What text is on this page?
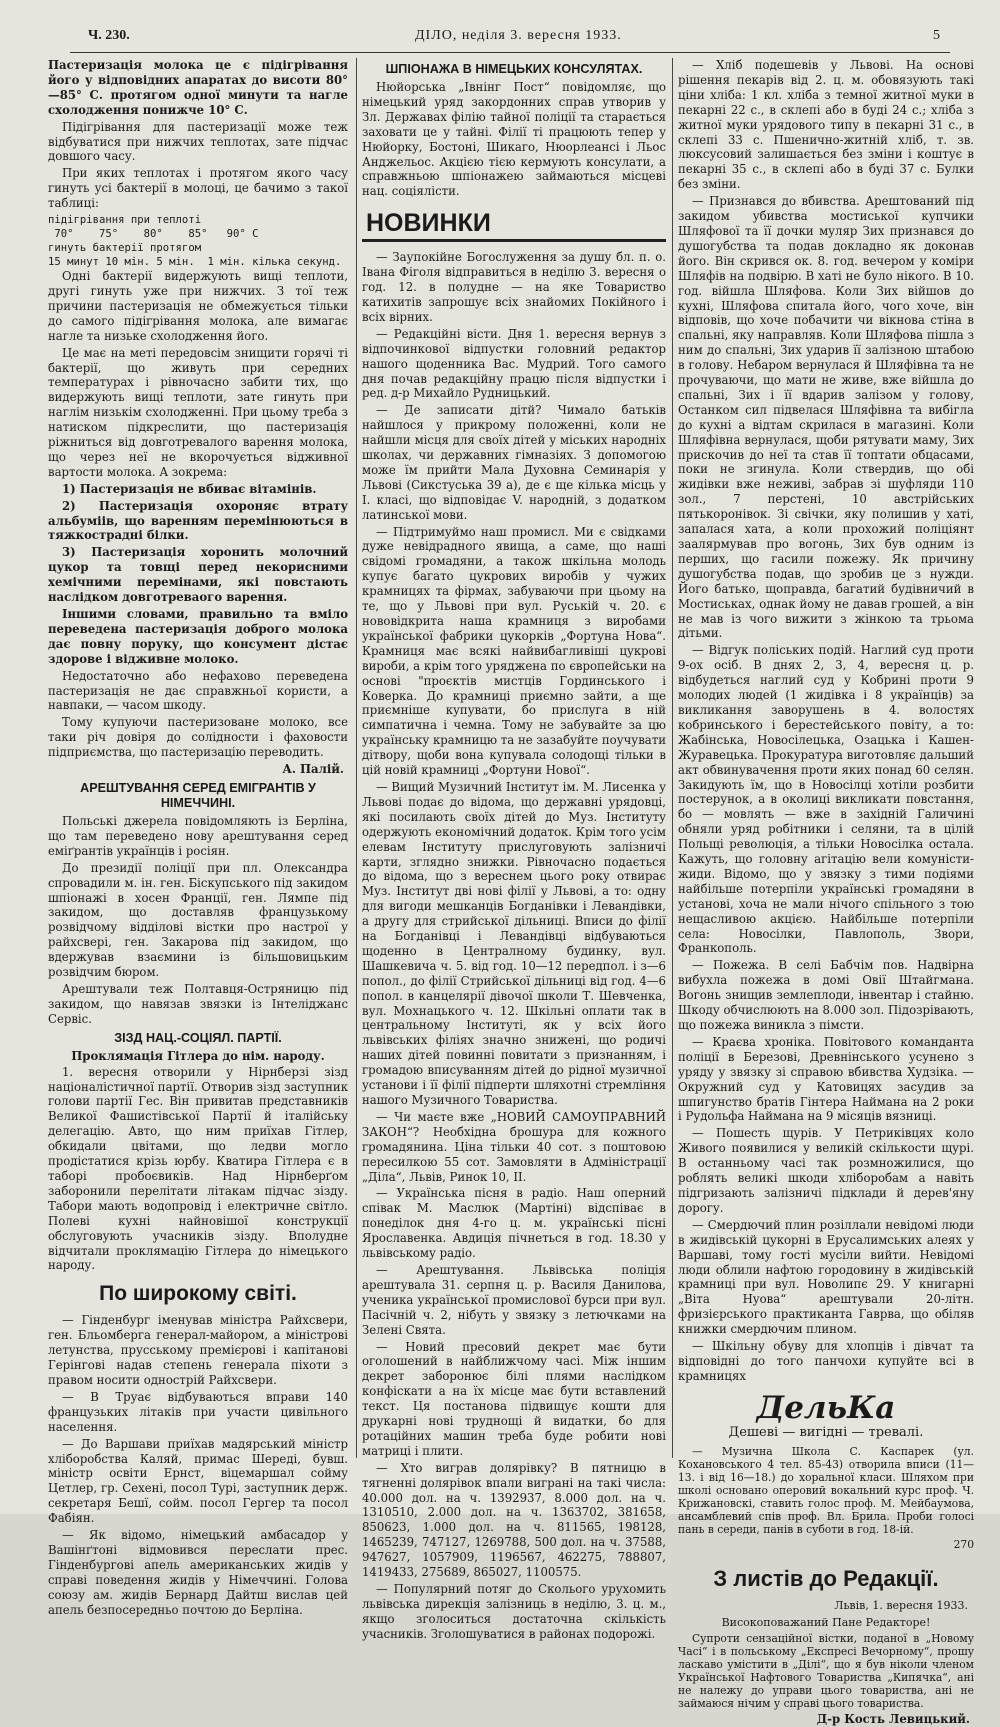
Ч. 230.	ДІЛО, неділя 3. вересня 1933.	5

Пастеризація молока це є підігрівання його у відповідних апаратах до висоти 80°—85° С. протягом одної минути та нагле схолодження понижче 10° С.

Підігрівання для пастеризації може теж відбуватися при нижчих теплотах, зате підчас довшого часу.

При яких теплотах і протягом якого часу гинуть усі бактерії в молоці, це бачимо з такої таблиці:

підігрівання при теплоті
70°    75°    80°    85°   90° С
гинуть бактерії протягом
15 минут 10 мін. 5 мін.  1 мін. кілька секунд.

Одні бактерії видержують вищі теплоти, другі гинуть уже при нижчих. З тої теж причини пастеризація не обмежується тільки до самого підігрівання молока, але вимагає нагле та низьке схолодження його.

Це має на меті передовсім знищити горячі ті бактерії, що живуть при середних температурах і рівночасно забити тих, що видержують вищі теплоти, зате гинуть при наглім низькім схолодженні. При цьому треба з натиском підкреслити, що пастеризація ріжниться від довготревалого варення молока, що через неї не вкорочується відживної вартости молока. А зокрема:

1) Пастеризація не вбиває вітамінів.

2) Пастеризація охороняє втрату альбуміів, що варенням перемінюються в тяжкострадні білки.

3) Пастеризація хоронить молочний цукор та товщі перед некорисними хемічними перемінами, які повстають наслідком довготреваого варення.

Іншими словами, правильно та вміло переведена пастеризація доброго молока дає повну поруку, що консумент дістає здорове і відживне молоко.

Недостаточно або нефахово переведена пастеризація не дає справжньої користи, а навпаки, — часом шкоду.

Тому купуючи пастеризоване молоко, все таки річ довіря до солідности і фаховости підприємства, що пастеризацію переводить.

А. Палій.
АРЕШТУВАННЯ СЕРЕД ЕМІГРАНТІВ У НІМЕЧЧИНІ.

Польські джерела повідомляють із Берліна, що там переведено нову арештування серед еміґрантів українців і росіян.

До президії поліції при пл. Олександра спровадили м. ін. ген. Біскупського під закидом шпіонажі в хосен Франції, ген. Лямпе під закидом, що доставляв французькому розвідчому відділові вістки про настрої у райхсвері, ген. Закарова під закидом, що вдержував взаємини із більшовицьким розвідчим бюром.

Арештували теж Полтавця-Остряницю під закидом, що навязав звязки із Інтеліджанс Сервіс.

ЗІЗД НАЦ.-СОЦІЯЛ. ПАРТІЇ.
Проклямація Гітлера до нім. народу.

1. вересня отворили у Нірнберзі зізд націоналістичної партії. Отворив зізд заступник голови партії Гес. Він привитав представників Великої Фашистівської Партії й італійську делегацію. Авто, що ним приїхав Гітлер, обкидали цвітами, що ледви могло продістатися крізь юрбу. Кватира Гітлера є в таборі пробоєвиків. Над Нірнберґом заборонили перелітати літакам підчас зізду. Табори мають водопровід і електричне світло. Полеві кухні найновішої конструкції обслуговують учасників зізду. Вполудне відчитали проклямацію Гітлера до німецького народу.

По широкому світі.

— Гінденбург іменував міністра Райхсвери, ген. Бльомберга генерал-майором, а міністрові летунства, прусському премієрові і капітанові Герінгові надав степень генерала піхоти з правом носити однострій Райхсвери.

— В Труає відбуваються вправи 140 французьких літаків при участи цивільного населення.

— До Варшави приїхав мадярський міністр хліборобства Каляй, примас Шереді, бувш. міністр освіти Ернст, віцемаршал сойму Цетлер, гр. Сехені, посол Турі, заступник держ. секретаря Бешї, сойм. посол Гергер та посол Фабіян.

— Як відомо, німецький амбасадор у Вашінґтоні відмовився переслати прес. Гінденбургові апель американських жидів у справі поведення жидів у Німеччині. Голова союзу ам. жидів Бернард Дайтш вислав цей апель безпосередньо почтою до Берліна.

ШПІОНАЖА В НІМЕЦЬКИХ КОНСУЛЯТАХ.

Нюйорська „Івнінг Пост“ повідомляє, що німецький уряд закордонних справ утворив у Зл. Державах філію тайної поліції та старається заховати це у тайні. Філії ті працюють тепер у Нюйорку, Бостоні, Шикаго, Нюорлеансі і Льос Анджельос. Акцією тією кермують консулати, а справжньою шпіонажею займаються місцеві нац. соціялісти.

НОВИНКИ

— Заупокійне Богослуження за душу бл. п. о. Івана Фіголя відправиться в неділю 3. вересня о год. 12. в полудне — на яке Товариство катихитів запрошує всіх знайомих Покійного і всіх вірних.

— Редакційні вісти. Дня 1. вересня вернув з відпочинкової відпустки головний редактор нашого щоденника Вас. Мудрий. Того самого дня почав редакційну працю після відпустки і ред. д-р Михайло Рудницький.

— Де записати дітй? Чимало батьків найшлося у прикрому положенні, коли не найшли місця для своїх дітей у міських народніх школах, чи державних гімназіях. З допомогою може їм прийти Мала Духовна Семинарія у Львові (Сикстуська 39 а), де є ще кілька місць у І. класі, що відповідає V. народній, з додатком латинської мови.

— Підтримуймо наш промисл. Ми є свідками дуже невідрадного явища, а саме, що наші свідомі громадяни, а також шкільна молодь купує багато цукрових виробів у чужих крамницях та фірмах, забуваючи при цьому на те, що у Львові при вул. Руській ч. 20. є нововідкрита наша крамниця з виробами української фабрики цукорків „Фортуна Нова“. Крамниця має всякі найвибагливіші цукрові вироби, а крім того уряджена по європейськи на основі "проєктів мистців Гординського і Коверка. До крамниці приємно зайти, а ще приємніше купувати, бо прислуга в ній симпатична і чемна. Тому не забувайте за цю українську крамницю та не зазабуйте поучувати дітвору, щоби вона купувала солодощі тільки в цій новій крамниці „Фортуни Нової“.

— Вищий Музичний Інститут ім. М. Лисенка у Львові подає до відома, що державні урядовці, які посилають своїх дітей до Муз. Інституту одержують економічний додаток. Крім того усім елевам Інституту прислуговують залізничі карти, зглядно знижки. Рівночасно подається до відома, що з вереснем цього року отвирає Муз. Інститут дві нові філії у Львові, а то: одну для вигоди мешканців Богданівки і Левандівки, а другу для стрийської дільниці. Вписи до філії на Богданівці і Левандівці відбуваються щоденно в Централному будинку, вул. Шашкевича ч. 5. від год. 10—12 передпол. і з—6 попол., до філії Стрийської дільниці від год. 4—6 попол. в канцелярії дівочої школи Т. Шевченка, вул. Мохнацького ч. 12. Шкільні оплати так в центральному Інституті, як у всіх його львівських філіях значно знижені, що родичі наших дітей повинні повитати з признанням, і громадою вписуванням дітей до рідної музичної установи і її філії підперти шляхотні стремління нашого Музичного Товариства.

— Чи маєте вже „НОВИЙ САМОУПРАВНИЙ ЗАКОН“? Необхідна брошура для кожного громадянина. Ціна тільки 40 сот. з поштовою пересилкою 55 сот. Замовляти в Адміністрації „Діла“, Львів, Ринок 10, ІІ.

— Українська пісня в радіо. Наш оперний співак М. Маслюк (Мартіні) відспіває в понеділок дня 4-го ц. м. українські пісні Ярославенка. Авдиція пічнеться в год. 18.30 у львівському радіо.

— Арештування. Львівська поліція арештувала 31. серпня ц. р. Василя Данилова, ученика української промислової бурси при вул. Пасічній ч. 2, нібуть у звязку з летючками на Зелені Свята.

— Новий пресовий декрет має бути оголошений в найближчому часі. Між іншим декрет заборонює білі плями наслідком конфіскати а на їх місце має бути вставлений текст. Ця постанова підвищує кошти для друкарні нові труднощі й видатки, бо для ротаційних машин треба буде робити нові матриці і плити.

— Хто виграв долярівку? В пятницю в тягненні долярівок впали виграні на такі числа: 40.000 дол. на ч. 1392937, 8.000 дол. на ч. 1310510, 2.000 дол. на ч. 1363702, 381658, 850623, 1.000 дол. на ч. 811565, 198128, 1465239, 747127, 1269788, 500 дол. на ч. 37588, 947627, 1057909, 1196567, 462275, 788807, 1419433, 275689, 865027, 1100575.

— Популярний потяг до Сколього урухомить львівська дирекція залізниць в неділю, 3. ц. м., якщо зголоситься достаточна скількість учасників. Зголошуватися в районах подорожі.

— Хліб подешевів у Львові. На основі рішення пекарів від 2. ц. м. обовязують такі ціни хліба: 1 кл. хліба з темної житної муки в пекарні 22 с., в склепі або в буді 24 с.; хліба з житної муки урядового типу в пекарні 31 с., в склепі 33 с. Пшенично-житній хліб, т. зв. люксусовий залишається без зміни і коштує в пекарні 35 с., в склепі або в буді 37 с. Булки без зміни.

— Признався до вбивства. Арештований під закидом убивства мостиської купчики Шляфової та її дочки муляр Зих признався до душогубства та подав докладно як доконав його. Він скрився ок. 8. год. вечером у коміри Шляфів на подвірю. В хаті не було нікого. В 10. год. війшла Шляфова. Коли Зих війшов до кухні, Шляфова спитала його, чого хоче, він відповів, що хоче побачити чи вікнова стіна в спальні, яку направляв. Коли Шляфова пішла з ним до спальні, Зих ударив її залізною штабою в голову. Небаром вернулася й Шляфівна та не прочуваючи, що мати не живе, вже війшла до спальні, Зих і її вдарив залізом у голову, Останком сил підвелася Шляфівна та вибігла до кухні а відтам скрилася в магазині. Коли Шляфівна вернулася, щоби рятувати маму, Зих прискочив до неї та став її топтати обцасами, поки не згинула. Коли ствердив, що обі жидівки вже неживі, забрав зі шуфляди 110 зол., 7 перстені, 10 австрійських пятькоронівок. Зі свічки, яку полишив у хаті, запалася хата, а коли прохожий поліціянт заалярмував про вогонь, Зих був одним із перших, що гасили пожежу. Як причину душогубства подав, що зробив це з нужди. Його батько, щоправда, багатий будівничий в Мостиськах, однак йому не давав грошей, а він не мав із чого вижити з жінкою та трьома дітьми.

— Відгук поліських подій. Наглий суд проти 9-ох осіб. В днях 2, 3, 4, вересня ц. р. відбудеться наглий суд у Кобрині проти 9 молодих людей (1 жидівка і 8 українців) за викликання заворушень в 4. волостях кобринського і берестейського повіту, а то: Жабінська, Новосілецька, Озацька і Кашен-Журавецька. Прокуратура виготовляє дальший акт обвинувачення проти яких понад 60 селян. Закидують їм, що в Новосілці хотіли розбити постерунок, а в околиці викликати повстання, бо — мовлять — вже в західній Галичині обняли уряд робітники і селяни, та в цілій Польщі революція, а тільки Новосілка остала. Кажуть, що головну агітацію вели комуністи-жиди. Відомо, що у звязку з тими подіями найбільше потерпіли українські громадяни в установі, хоча не мали нічого спільного з тою нещасливою акцією. Найбільше потерпіли села: Новосілки, Павлополь, Звори, Франкополь.

— Пожежа. В селі Бабчім пов. Надвірна вибухла пожежа в домі Овії Штайгмана. Вогонь знищив землеплоди, інвентар і стайню. Шкоду обчислюють на 8.000 зол. Підозрівають, що пожежа виникла з пімсти.

— Краєва хроніка. Повітового команданта поліції в Березові, Древнінського усунено з уряду у звязку зі справою вбивства Худзіка. — Окружний суд у Катовицях засудив за шпигунство братів Гінтера Наймана на 2 роки і Рудольфа Наймана на 9 місяців вязниці.

— Пошесть щурів. У Петриківцях коло Живого появилися у великій скількости щурі. В останньому часі так розмножилися, що роблять великі шкоди хліборобам а навіть підгризають залізничі підклади й дерев'яну дорогу.

— Смердючий плин розіллали невідомі люди в жидівській цукорні в Ерусалимських алеях у Варшаві, тому гості мусіли вийти. Невідомі люди облили нафтою городовину в жидівській крамниці при вул. Новолипє 29. У книгарні „Віта Нуова“ арештували 20-літн. фризієрського практиканта Гаврва, що обіляв книжки смердючим плином.

— Шкільну обуву для хлопців і дівчат та відповідні до того панчохи купуйте всі в крамницях

ДельКа
Дешеві — вигідні — тревалі.

— Музична Школа С. Каспарек (ул. Кохановського 4 тел. 85-43) отворила вписи (11—13. і від 16—18.) до хоральної класи. Шляхом при школі основано оперовий вокальний курс проф. Ч. Крижановскі, ставить голос проф. М. Мейбаумова, ансамблевий спів проф. Вл. Брила. Проби голосі пань в середи, панів в суботи в год. 18-ій.

270
З листів до Редакції.
Львів, 1. вересня 1933.
Високоповажаний Пане Редакторе!

Супроти сензаційної вістки, поданої в „Новому Часі“ і в польському „Експресі Вечорному“, прошу ласкаво умістити в „Ділі“, що я був ніколи членом Української Нафтового Товариства „Кипячка“, ані не належу до управи цього товариства, ані не займаюся нічим у справі цього товариства.

Д-р Кость Левицький.
